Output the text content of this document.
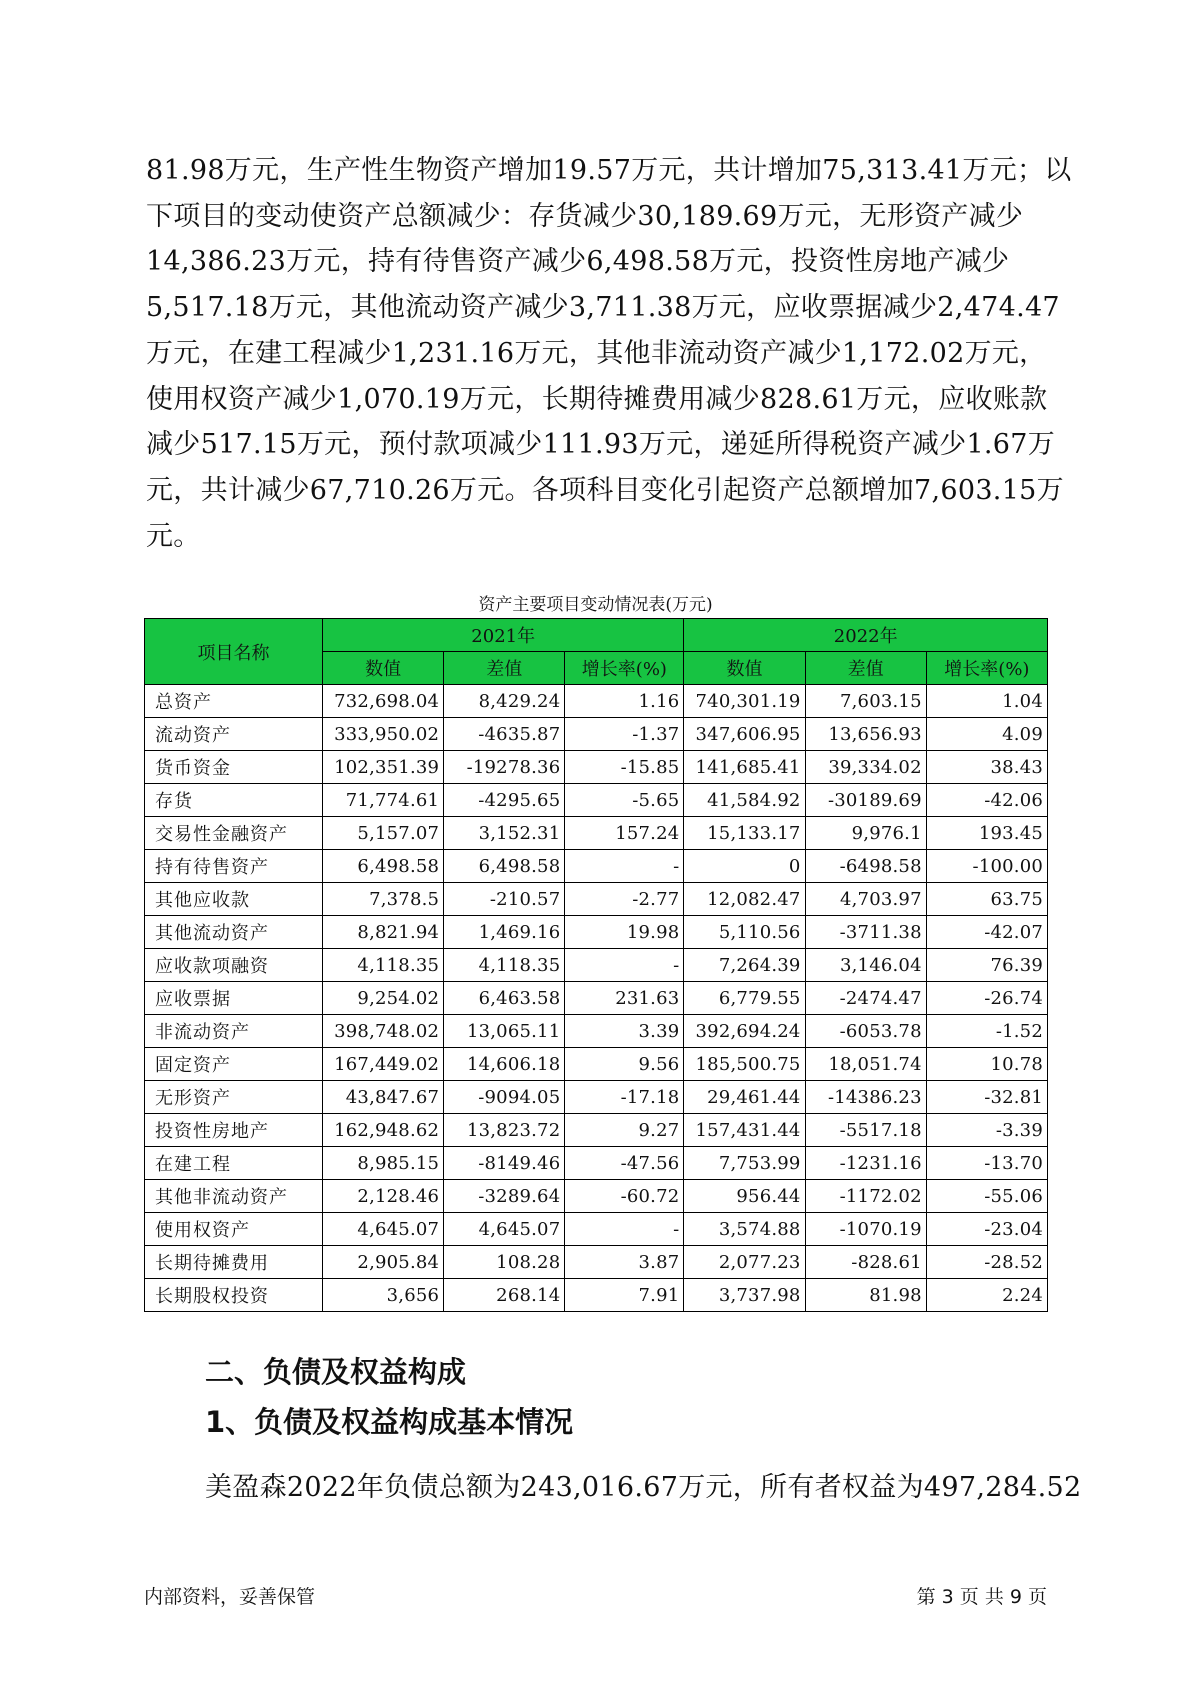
81.98万元，生产性生物资产增加19.57万元，共计增加75,313.41万元；以
下项目的变动使资产总额减少：存货减少30,189.69万元，无形资产减少
14,386.23万元，持有待售资产减少6,498.58万元，投资性房地产减少
5,517.18万元，其他流动资产减少3,711.38万元，应收票据减少2,474.47
万元，在建工程减少1,231.16万元，其他非流动资产减少1,172.02万元，
使用权资产减少1,070.19万元，长期待摊费用减少828.61万元，应收账款
减少517.15万元，预付款项减少111.93万元，递延所得税资产减少1.67万
元，共计减少67,710.26万元。各项科目变化引起资产总额增加7,603.15万
元。

资产主要项目变动情况表(万元)
项目名称	2021年			2022年		
	数值	差值	增长率(%)	数值	差值	增长率(%)
总资产	732,698.04	8,429.24	1.16	740,301.19	7,603.15	1.04
流动资产	333,950.02	-4635.87	-1.37	347,606.95	13,656.93	4.09
货币资金	102,351.39	-19278.36	-15.85	141,685.41	39,334.02	38.43
存货	71,774.61	-4295.65	-5.65	41,584.92	-30189.69	-42.06
交易性金融资产	5,157.07	3,152.31	157.24	15,133.17	9,976.1	193.45
持有待售资产	6,498.58	6,498.58	-	0	-6498.58	-100.00
其他应收款	7,378.5	-210.57	-2.77	12,082.47	4,703.97	63.75
其他流动资产	8,821.94	1,469.16	19.98	5,110.56	-3711.38	-42.07
应收款项融资	4,118.35	4,118.35	-	7,264.39	3,146.04	76.39
应收票据	9,254.02	6,463.58	231.63	6,779.55	-2474.47	-26.74
非流动资产	398,748.02	13,065.11	3.39	392,694.24	-6053.78	-1.52
固定资产	167,449.02	14,606.18	9.56	185,500.75	18,051.74	10.78
无形资产	43,847.67	-9094.05	-17.18	29,461.44	-14386.23	-32.81
投资性房地产	162,948.62	13,823.72	9.27	157,431.44	-5517.18	-3.39
在建工程	8,985.15	-8149.46	-47.56	7,753.99	-1231.16	-13.70
其他非流动资产	2,128.46	-3289.64	-60.72	956.44	-1172.02	-55.06
使用权资产	4,645.07	4,645.07	-	3,574.88	-1070.19	-23.04
长期待摊费用	2,905.84	108.28	3.87	2,077.23	-828.61	-28.52
长期股权投资	3,656	268.14	7.91	3,737.98	81.98	2.24
二、负债及权益构成
1、负债及权益构成基本情况

美盈森2022年负债总额为243,016.67万元，所有者权益为497,284.52

内部资料，妥善保管	第 3 页 共 9 页
